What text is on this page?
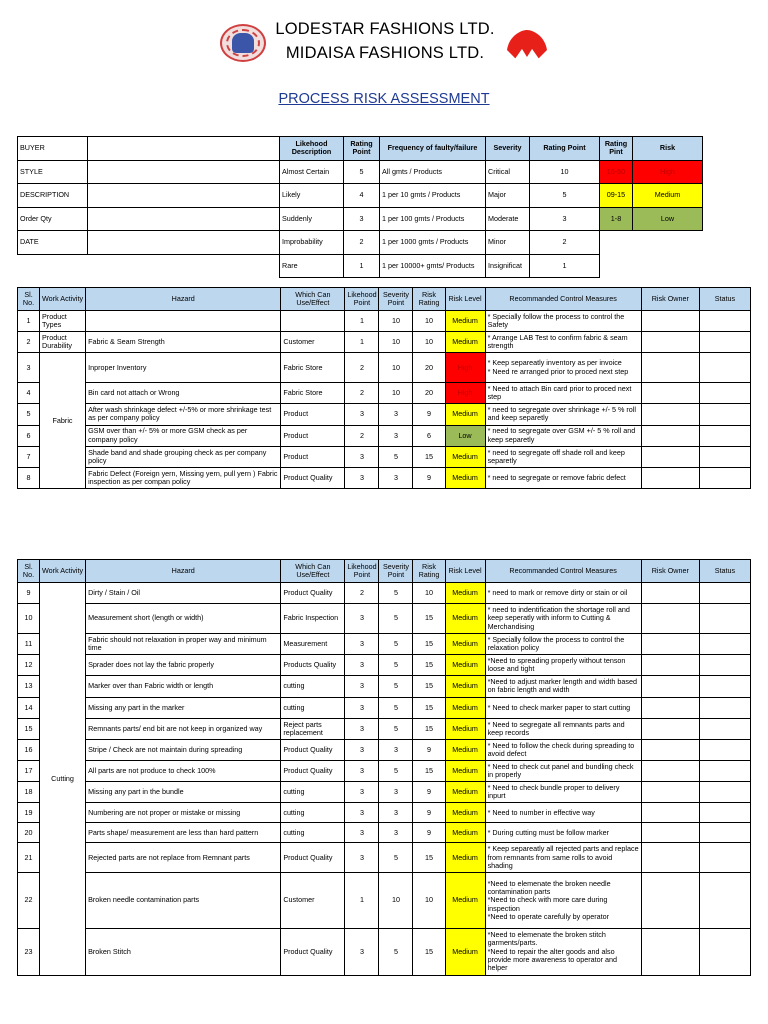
LODESTAR FASHIONS LTD.
MIDAISA FASHIONS LTD.
PROCESS RISK ASSESSMENT
BUYER		Likehood Description	Rating Point	Frequency of faulty/failure	Severity	Rating Point	Rating Pint	Risk
STYLE		Almost Certain	5	All gmts / Products	Critical	10	16-50	High
DESCRIPTION		Likely	4	1 per 10 gmts / Products	Major	5	09-15	Medium
Order Qty		Suddenly	3	1 per 100 gmts / Products	Moderate	3	1-8	Low
DATE		Improbability	2	1 per 1000 gmts / Products	Minor	2		
		Rare	1	1 per 10000+ gmts/ Products	Insignificat	1		
Sl. No.	Work Activity	Hazard	Which Can Use/Effect	Likehood Point	Severity Point	Risk Rating	Risk Level	Recommanded Control Measures	Risk Owner	Status
1	Product Types			1	10	10	Medium	* Specially follow the process to control the Safety		
2	Product Durability	Fabric & Seam Strength	Customer	1	10	10	Medium	* Arrange LAB Test to confirm fabric & seam strength		
3	Fabric	Inproper Inventory	Fabric Store	2	10	20	High	* Keep separeatly inventory as per invoice
* Need re arranged prior to proced next step		
4		Bin card not attach or Wrong	Fabric Store	2	10	20	High	* Need to attach Bin card prior to proced next step		
5		After wash shrinkage defect +/-5% or more shrinkage test as per company policy	Product	3	3	9	Medium	* need to segregate over shrinkage +/- 5 % roll and keep separetly		
6		GSM over than +/- 5% or more GSM check as per company policy	Product	2	3	6	Low	* need to segregate over GSM +/- 5 % roll and keep separetly		
7		Shade band and shade grouping check as per company policy	Product	3	5	15	Medium	* need to segregate off shade roll and keep separetly		
8		Fabric Defect (Foreign yern, Missing yern, pull yern ) Fabric inspection as per compan policy	Product Quality	3	3	9	Medium	* need to segregate or remove fabric defect		
Sl. No.	Work Activity	Hazard	Which Can Use/Effect	Likehood Point	Severity Point	Risk Rating	Risk Level	Recommanded Control Measures	Risk Owner	Status
9	Cutting	Dirty / Stain / Oil	Product Quality	2	5	10	Medium	* need to mark or remove dirty or stain or oil		
10		Measurement short (length or width)	Fabric Inspection	3	5	15	Medium	* need to indentification the shortage roll and keep seperatly with inform to Cutting & Merchandising		
11		Fabric should not relaxation in proper way and minimum time	Measurement	3	5	15	Medium	* Specially follow the process to control the relaxation policy		
12		Sprader does not lay the fabric properly	Products Quality	3	5	15	Medium	*Need to spreading properly without tenson loose and tight		
13		Marker over than Fabric width or length	cutting	3	5	15	Medium	*Need to adjust marker length and width based on fabric length and width		
14		Missing any part in the marker	cutting	3	5	15	Medium	* Need to check marker paper to start cutting		
15		Remnants parts/ end bit are not keep in organized way	Reject parts replacement	3	5	15	Medium	* Need to segregate all remnants parts and keep records		
16		Stripe / Check are not maintain during spreading	Product Quality	3	3	9	Medium	* Need to follow the check during spreading to avoid defect		
17		All parts are not produce to check 100%	Product Quality	3	5	15	Medium	* Need to check cut panel and bundling check in properly		
18		Missing any part in the bundle	cutting	3	3	9	Medium	* Need to check bundle proper to delivery inpurt		
19		Numbering are not proper or mistake or missing	cutting	3	3	9	Medium	* Need to number in effective way		
20		Parts shape/ measurement are less than hard pattern	cutting	3	3	9	Medium	* During cutting must be follow marker		
21		Rejected parts are not replace from Remnant parts	Product Quality	3	5	15	Medium	* Keep separeatly all rejected parts and replace from remnants from same rolls to avoid shading		
22		Broken needle contamination parts	Customer	1	10	10	Medium	*Need to elemenate the broken needle contamination parts
*Need to check with more care during inspection
*Need to operate carefully by operator		
23		Broken Stitch	Product Quality	3	5	15	Medium	*Need to elemenate the broken stitch garments/parts.
*Need to repair the alter goods and also provide more awareness to operator and helper		
